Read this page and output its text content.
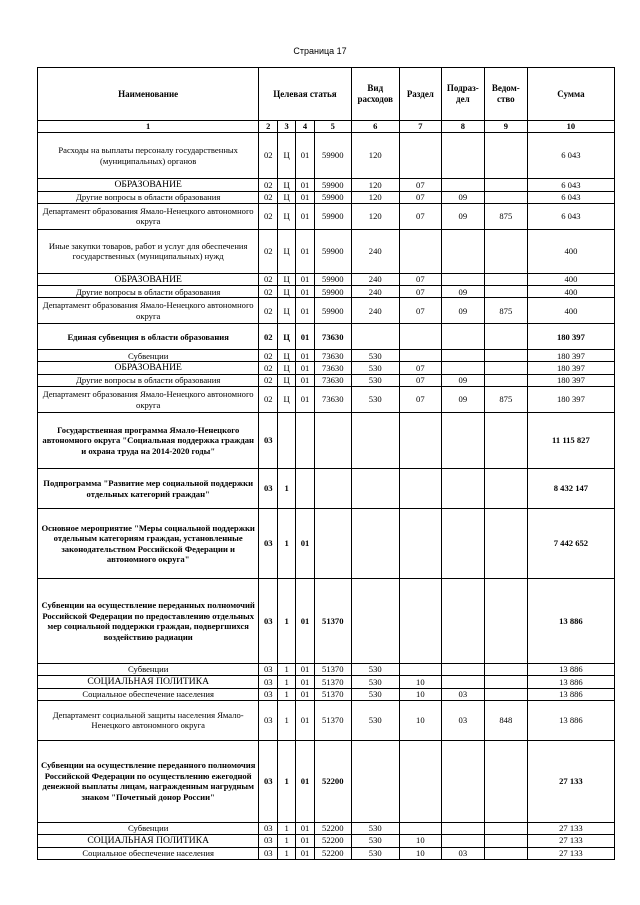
Страница 17
Наименование	Целевая статья				Вид расходов	Раздел	Подраз-дел	Ведом-ство	Сумма
1	2	3	4	5	6	7	8	9	10
Расходы на выплаты персоналу государственных (муниципальных) органов	02	Ц	01	59900	120				6 043
ОБРАЗОВАНИЕ	02	Ц	01	59900	120	07			6 043
Другие вопросы в области образования	02	Ц	01	59900	120	07	09		6 043
Департамент образования Ямало-Ненецкого автономного округа	02	Ц	01	59900	120	07	09	875	6 043
Иные закупки товаров, работ и услуг для обеспечения государственных (муниципальных) нужд	02	Ц	01	59900	240				400
ОБРАЗОВАНИЕ	02	Ц	01	59900	240	07			400
Другие вопросы в области образования	02	Ц	01	59900	240	07	09		400
Департамент образования Ямало-Ненецкого автономного округа	02	Ц	01	59900	240	07	09	875	400
Единая субвенция в области образования	02	Ц	01	73630					180 397
Субвенции	02	Ц	01	73630	530				180 397
ОБРАЗОВАНИЕ	02	Ц	01	73630	530	07			180 397
Другие вопросы в области образования	02	Ц	01	73630	530	07	09		180 397
Департамент образования Ямало-Ненецкого автономного округа	02	Ц	01	73630	530	07	09	875	180 397
Государственная программа Ямало-Ненецкого автономного округа "Социальная поддержка граждан и охрана труда на 2014-2020 годы"	03								11 115 827
Подпрограмма "Развитие мер социальной поддержки отдельных категорий граждан"	03	1							8 432 147
Основное мероприятие "Меры социальной поддержки отдельным категориям граждан, установленные законодательством Российской Федерации и автономного округа"	03	1	01						7 442 652
Субвенции на осуществление переданных полномочий Российской Федерации по предоставлению отдельных мер социальной поддержки граждан, подвергшихся воздействию радиации	03	1	01	51370					13 886
Субвенции	03	1	01	51370	530				13 886
СОЦИАЛЬНАЯ ПОЛИТИКА	03	1	01	51370	530	10			13 886
Социальное обеспечение населения	03	1	01	51370	530	10	03		13 886
Департамент социальной защиты населения Ямало-Ненецкого автономного округа	03	1	01	51370	530	10	03	848	13 886
Субвенции на осуществление переданного полномочия Российской Федерации по осуществлению ежегодной денежной выплаты лицам, награжденным нагрудным знаком "Почетный донор России"	03	1	01	52200					27 133
Субвенции	03	1	01	52200	530				27 133
СОЦИАЛЬНАЯ ПОЛИТИКА	03	1	01	52200	530	10			27 133
Социальное обеспечение населения	03	1	01	52200	530	10	03		27 133
